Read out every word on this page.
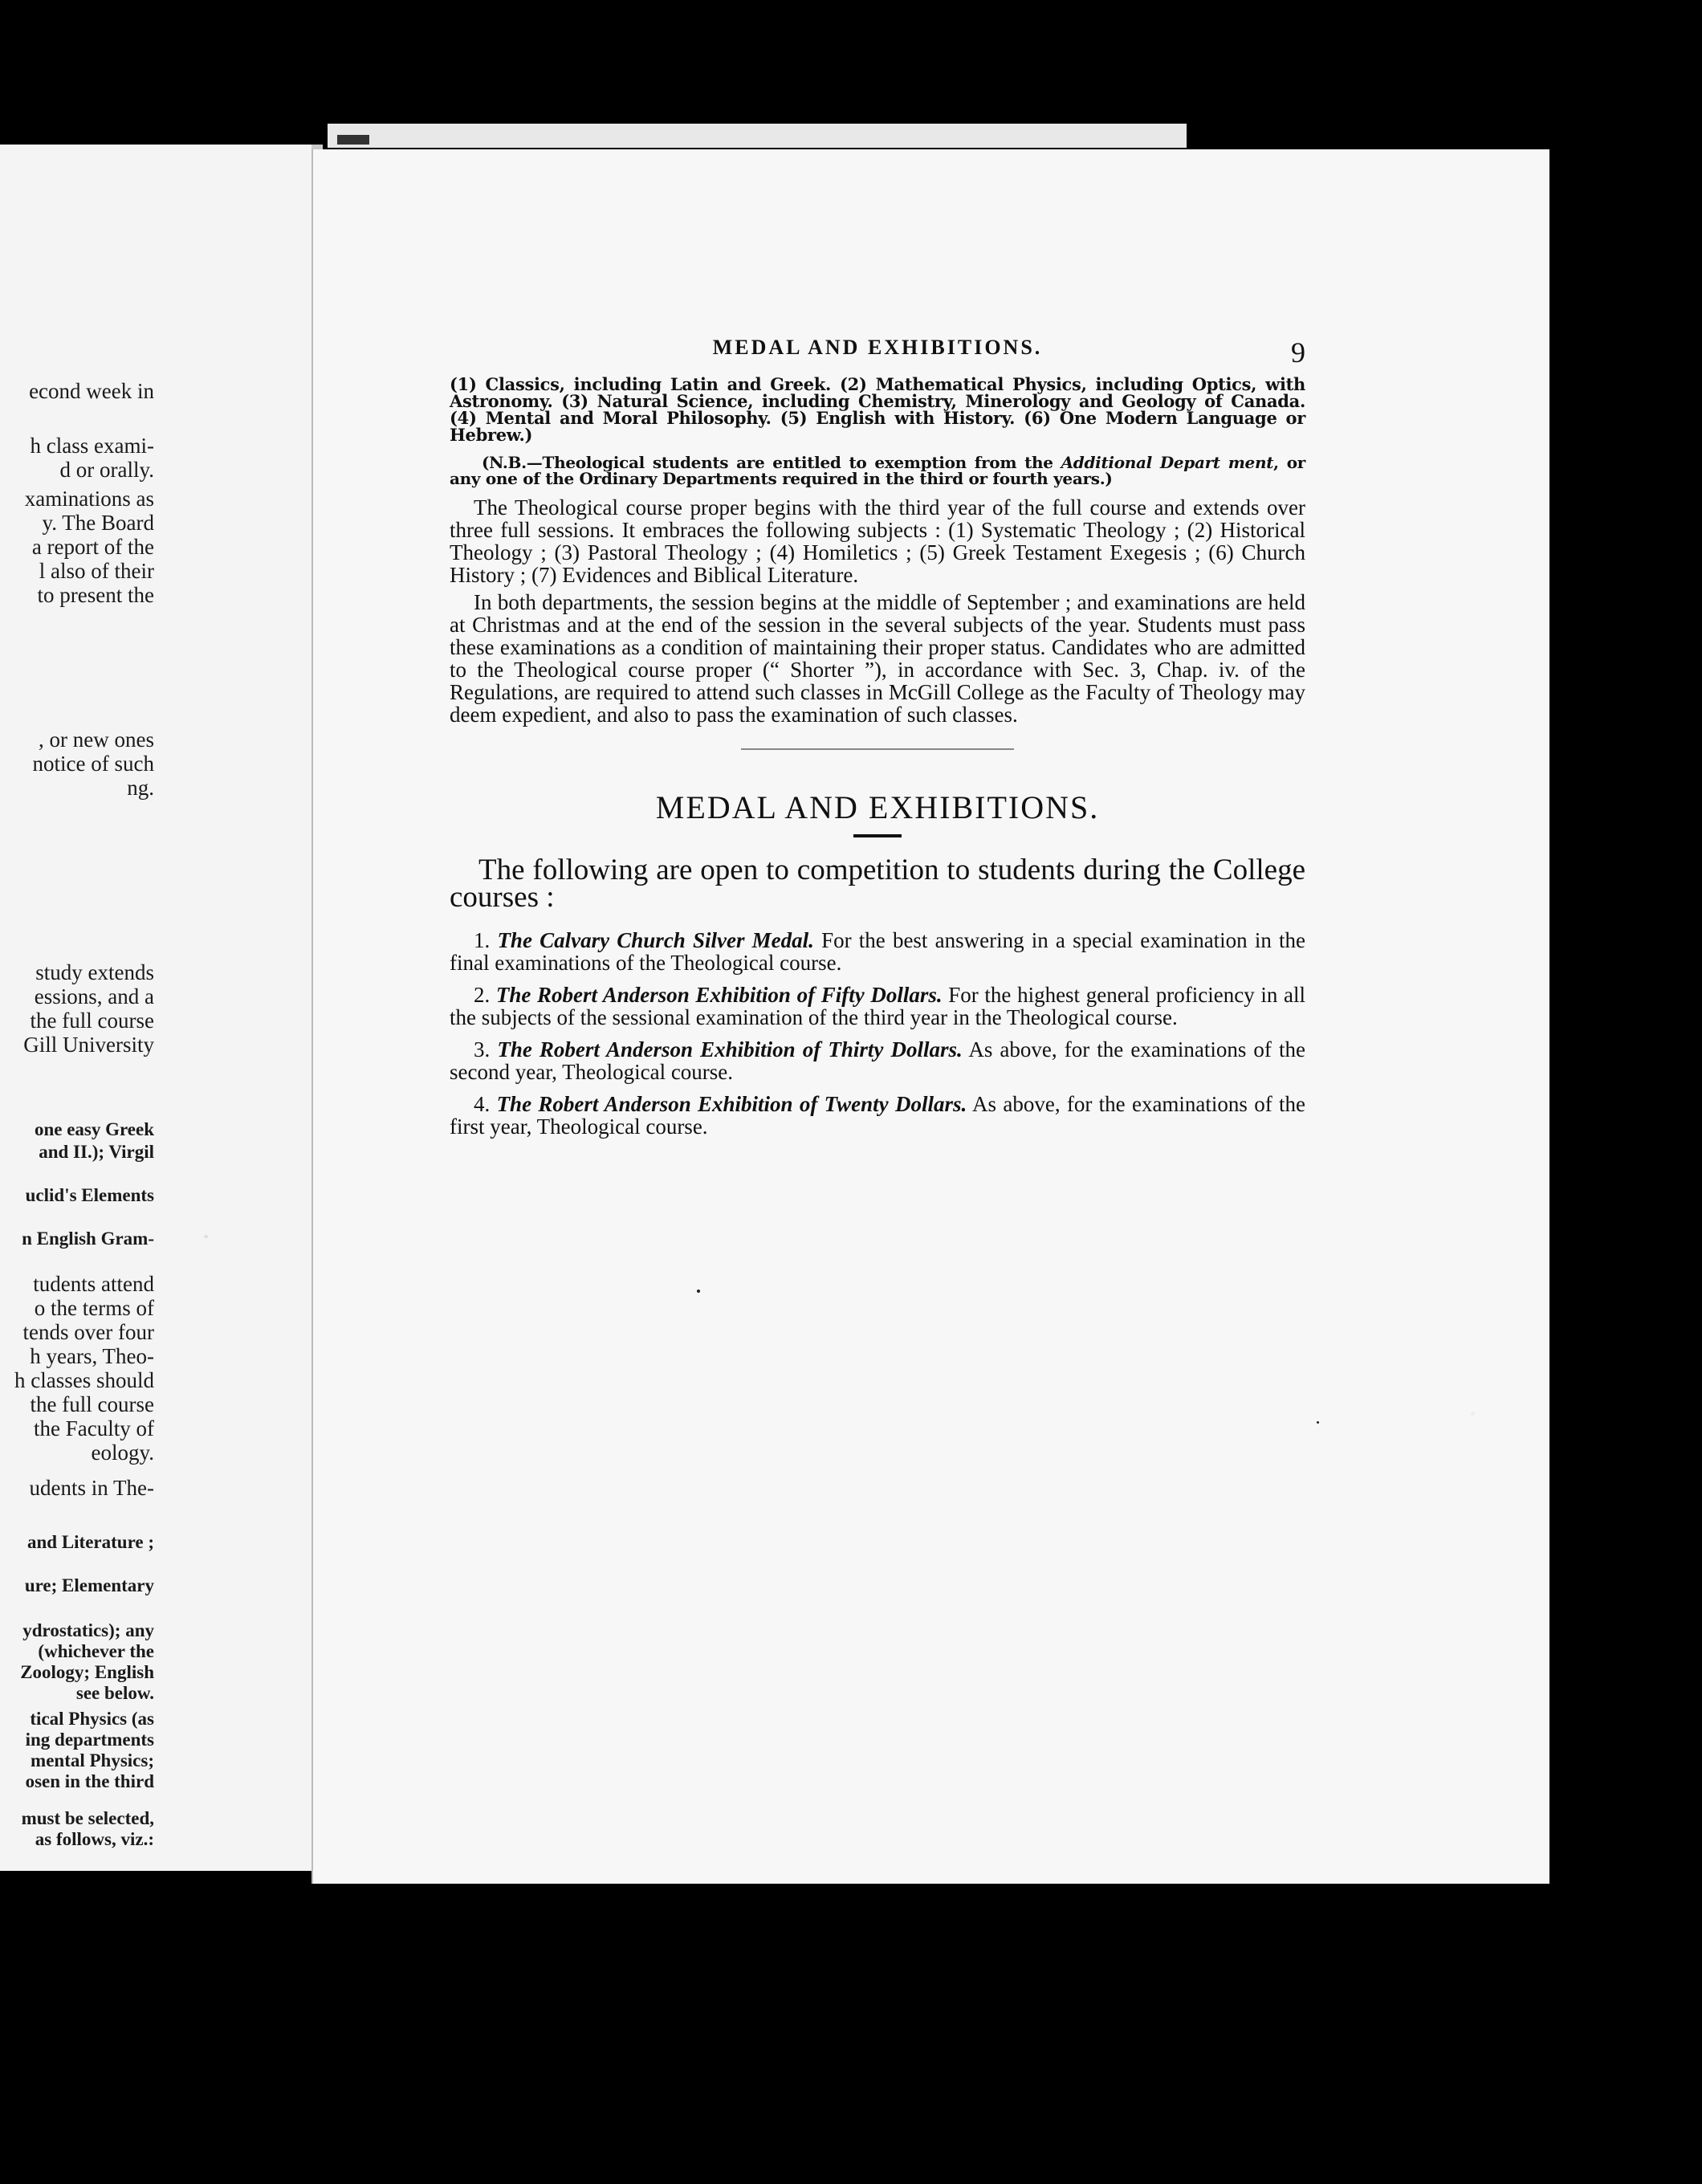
econd week in
h class exami-
d or orally.
xaminations as
y. The Board
a report of the
l also of their
to present the
, or new ones
notice of such
ng.
study extends
essions, and a
the full course
Gill University
one easy Greek
and II.); Virgil
uclid's Elements
n English Gram-
tudents attend
o the terms of
tends over four
h years, Theo-
h classes should
the full course
the Faculty of
eology.
udents in The-
and Literature ;
ure; Elementary
ydrostatics); any
(whichever the
Zoology; English
see below.
tical Physics (as
ing departments
mental Physics;
osen in the third
must be selected,
as follows, viz.:
MEDAL AND EXHIBITIONS.	9
(1) Classics, including Latin and Greek. (2) Mathematical Physics, including Optics, with Astronomy. (3) Natural Science, including Chemistry, Minerology and Geology of Canada. (4) Mental and Moral Philosophy. (5) English with History. (6) One Modern Language or Hebrew.)
(N.B.—Theological students are entitled to exemption from the Additional Depart ment, or any one of the Ordinary Departments required in the third or fourth years.)

The Theological course proper begins with the third year of the full course and extends over three full sessions. It embraces the following subjects : (1) Systematic Theology ; (2) Historical Theology ; (3) Pastoral Theology ; (4) Homiletics ; (5) Greek Testament Exegesis ; (6) Church History ; (7) Evidences and Biblical Literature.

In both departments, the session begins at the middle of September ; and examinations are held at Christmas and at the end of the session in the several subjects of the year. Students must pass these examinations as a condition of maintaining their proper status. Candidates who are admitted to the Theological course proper (“ Shorter ”), in accordance with Sec. 3, Chap. iv. of the Regulations, are required to attend such classes in McGill College as the Faculty of Theology may deem expedient, and also to pass the examination of such classes.

MEDAL AND EXHIBITIONS.

The following are open to competition to students during the College courses :

1. The Calvary Church Silver Medal. For the best answering in a special examination in the final examinations of the Theological course.

2. The Robert Anderson Exhibition of Fifty Dollars. For the highest general proficiency in all the subjects of the sessional examination of the third year in the Theological course.

3. The Robert Anderson Exhibition of Thirty Dollars. As above, for the examinations of the second year, Theological course.

4. The Robert Anderson Exhibition of Twenty Dollars. As above, for the examinations of the first year, Theological course.
